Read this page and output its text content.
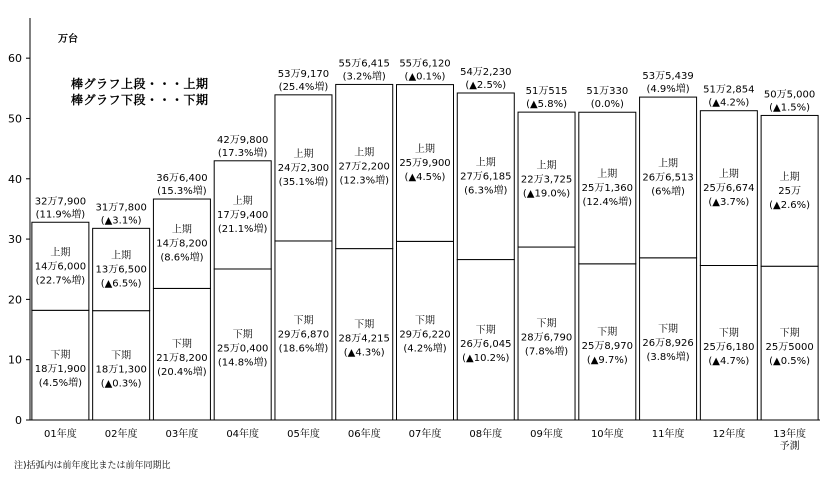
万台
0
10
20
30
40
50
60
32万7,900
(11.9%増)
上期
14万6,000
(22.7%増)
下期
18万1,900
(4.5%増)
01年度
31万7,800
(▲3.1%)
上期
13万6,500
(▲6.5%)
下期
18万1,300
(▲0.3%)
02年度
36万6,400
(15.3%増)
上期
14万8,200
(8.6%増)
下期
21万8,200
(20.4%増)
03年度
42万9,800
(17.3%増)
上期
17万9,400
(21.1%増)
下期
25万0,400
(14.8%増)
04年度
53万9,170
(25.4%増)
上期
24万2,300
(35.1%増)
下期
29万6,870
(18.6%増)
05年度
55万6,415
(3.2%増)
上期
27万2,200
(12.3%増)
下期
28万4,215
(▲4.3%)
06年度
55万6,120
(▲0.1%)
上期
25万9,900
(▲4.5%)
下期
29万6,220
(4.2%増)
07年度
54万2,230
(▲2.5%)
上期
27万6,185
(6.3%増)
下期
26万6,045
(▲10.2%)
08年度
51万515
(▲5.8%)
上期
22万3,725
(▲19.0%)
下期
28万6,790
(7.8%増)
09年度
51万330
(0.0%)
上期
25万1,360
(12.4%増)
下期
25万8,970
(▲9.7%)
10年度
53万5,439
(4.9%増)
上期
26万6,513
(6%増)
下期
26万8,926
(3.8%増)
11年度
51万2,854
(▲4.2%)
上期
25万6,674
(▲3.7%)
下期
25万6,180
(▲4.7%)
12年度
50万5,000
(▲1.5%)
上期
25万
(▲2.6%)
下期
25万5000
(▲0.5%)
13年度
予測
棒グラフ上段・・・上期
棒グラフ下段・・・下期
注)括弧内は前年度比または前年同期比
